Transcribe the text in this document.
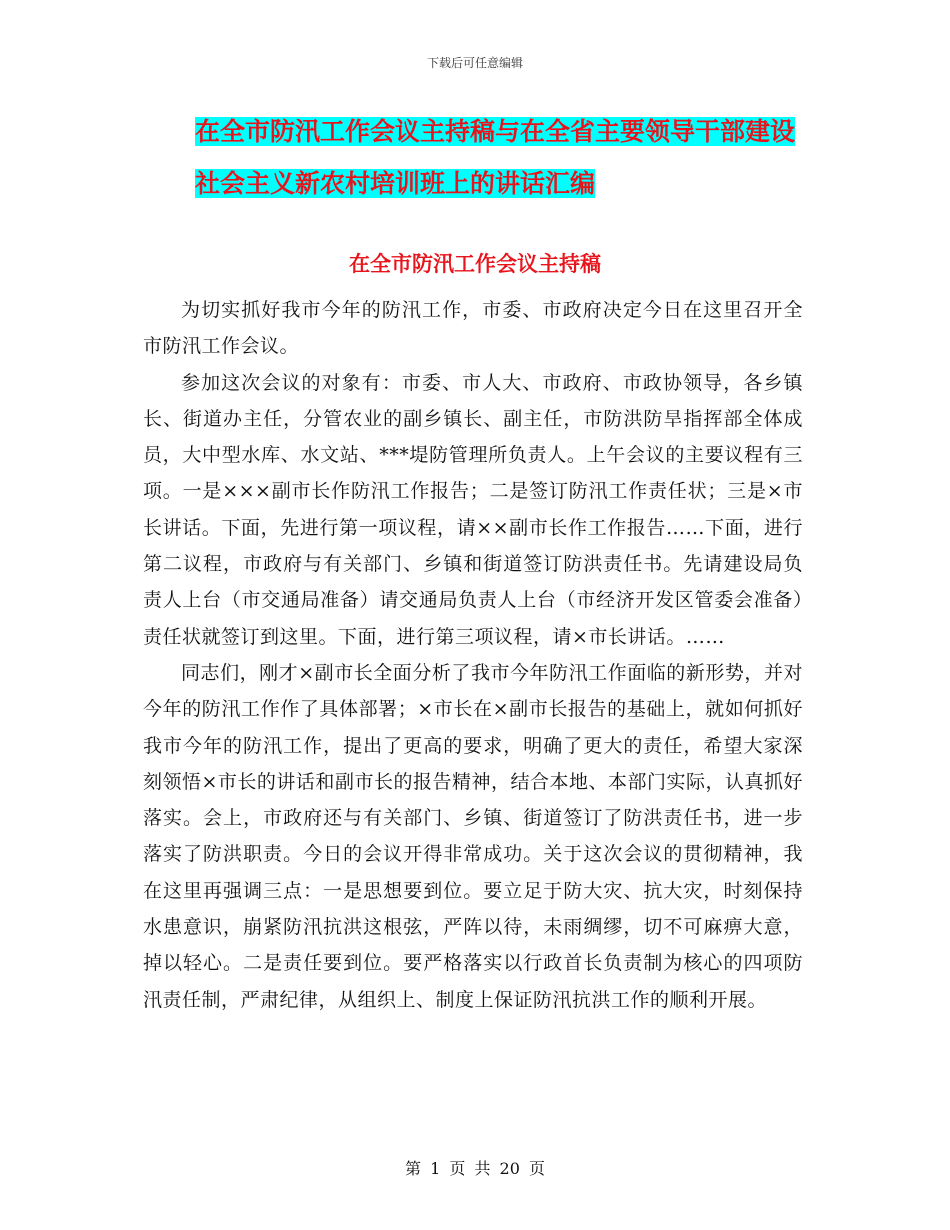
下载后可任意编辑
在全市防汛工作会议主持稿与在全省主要领导干部建设社会主义新农村培训班上的讲话汇编
在全市防汛工作会议主持稿

为切实抓好我市今年的防汛工作，市委、市政府决定今日在这里召开全市防汛工作会议。

参加这次会议的对象有：市委、市人大、市政府、市政协领导，各乡镇长、街道办主任，分管农业的副乡镇长、副主任，市防洪防旱指挥部全体成员，大中型水库、水文站、***堤防管理所负责人。上午会议的主要议程有三项。一是×××副市长作防汛工作报告；二是签订防汛工作责任状；三是×市长讲话。下面，先进行第一项议程，请××副市长作工作报告……下面，进行第二议程，市政府与有关部门、乡镇和街道签订防洪责任书。先请建设局负责人上台（市交通局准备）请交通局负责人上台（市经济开发区管委会准备）责任状就签订到这里。下面，进行第三项议程，请×市长讲话。……

同志们，刚才×副市长全面分析了我市今年防汛工作面临的新形势，并对今年的防汛工作作了具体部署；×市长在×副市长报告的基础上，就如何抓好我市今年的防汛工作，提出了更高的要求，明确了更大的责任，希望大家深刻领悟×市长的讲话和副市长的报告精神，结合本地、本部门实际，认真抓好落实。会上，市政府还与有关部门、乡镇、街道签订了防洪责任书，进一步落实了防洪职责。今日的会议开得非常成功。关于这次会议的贯彻精神，我在这里再强调三点：一是思想要到位。要立足于防大灾、抗大灾，时刻保持水患意识，崩紧防汛抗洪这根弦，严阵以待，未雨绸缪，切不可麻痹大意，掉以轻心。二是责任要到位。要严格落实以行政首长负责制为核心的四项防汛责任制，严肃纪律，从组织上、制度上保证防汛抗洪工作的顺利开展。

第 1 页 共 20 页
